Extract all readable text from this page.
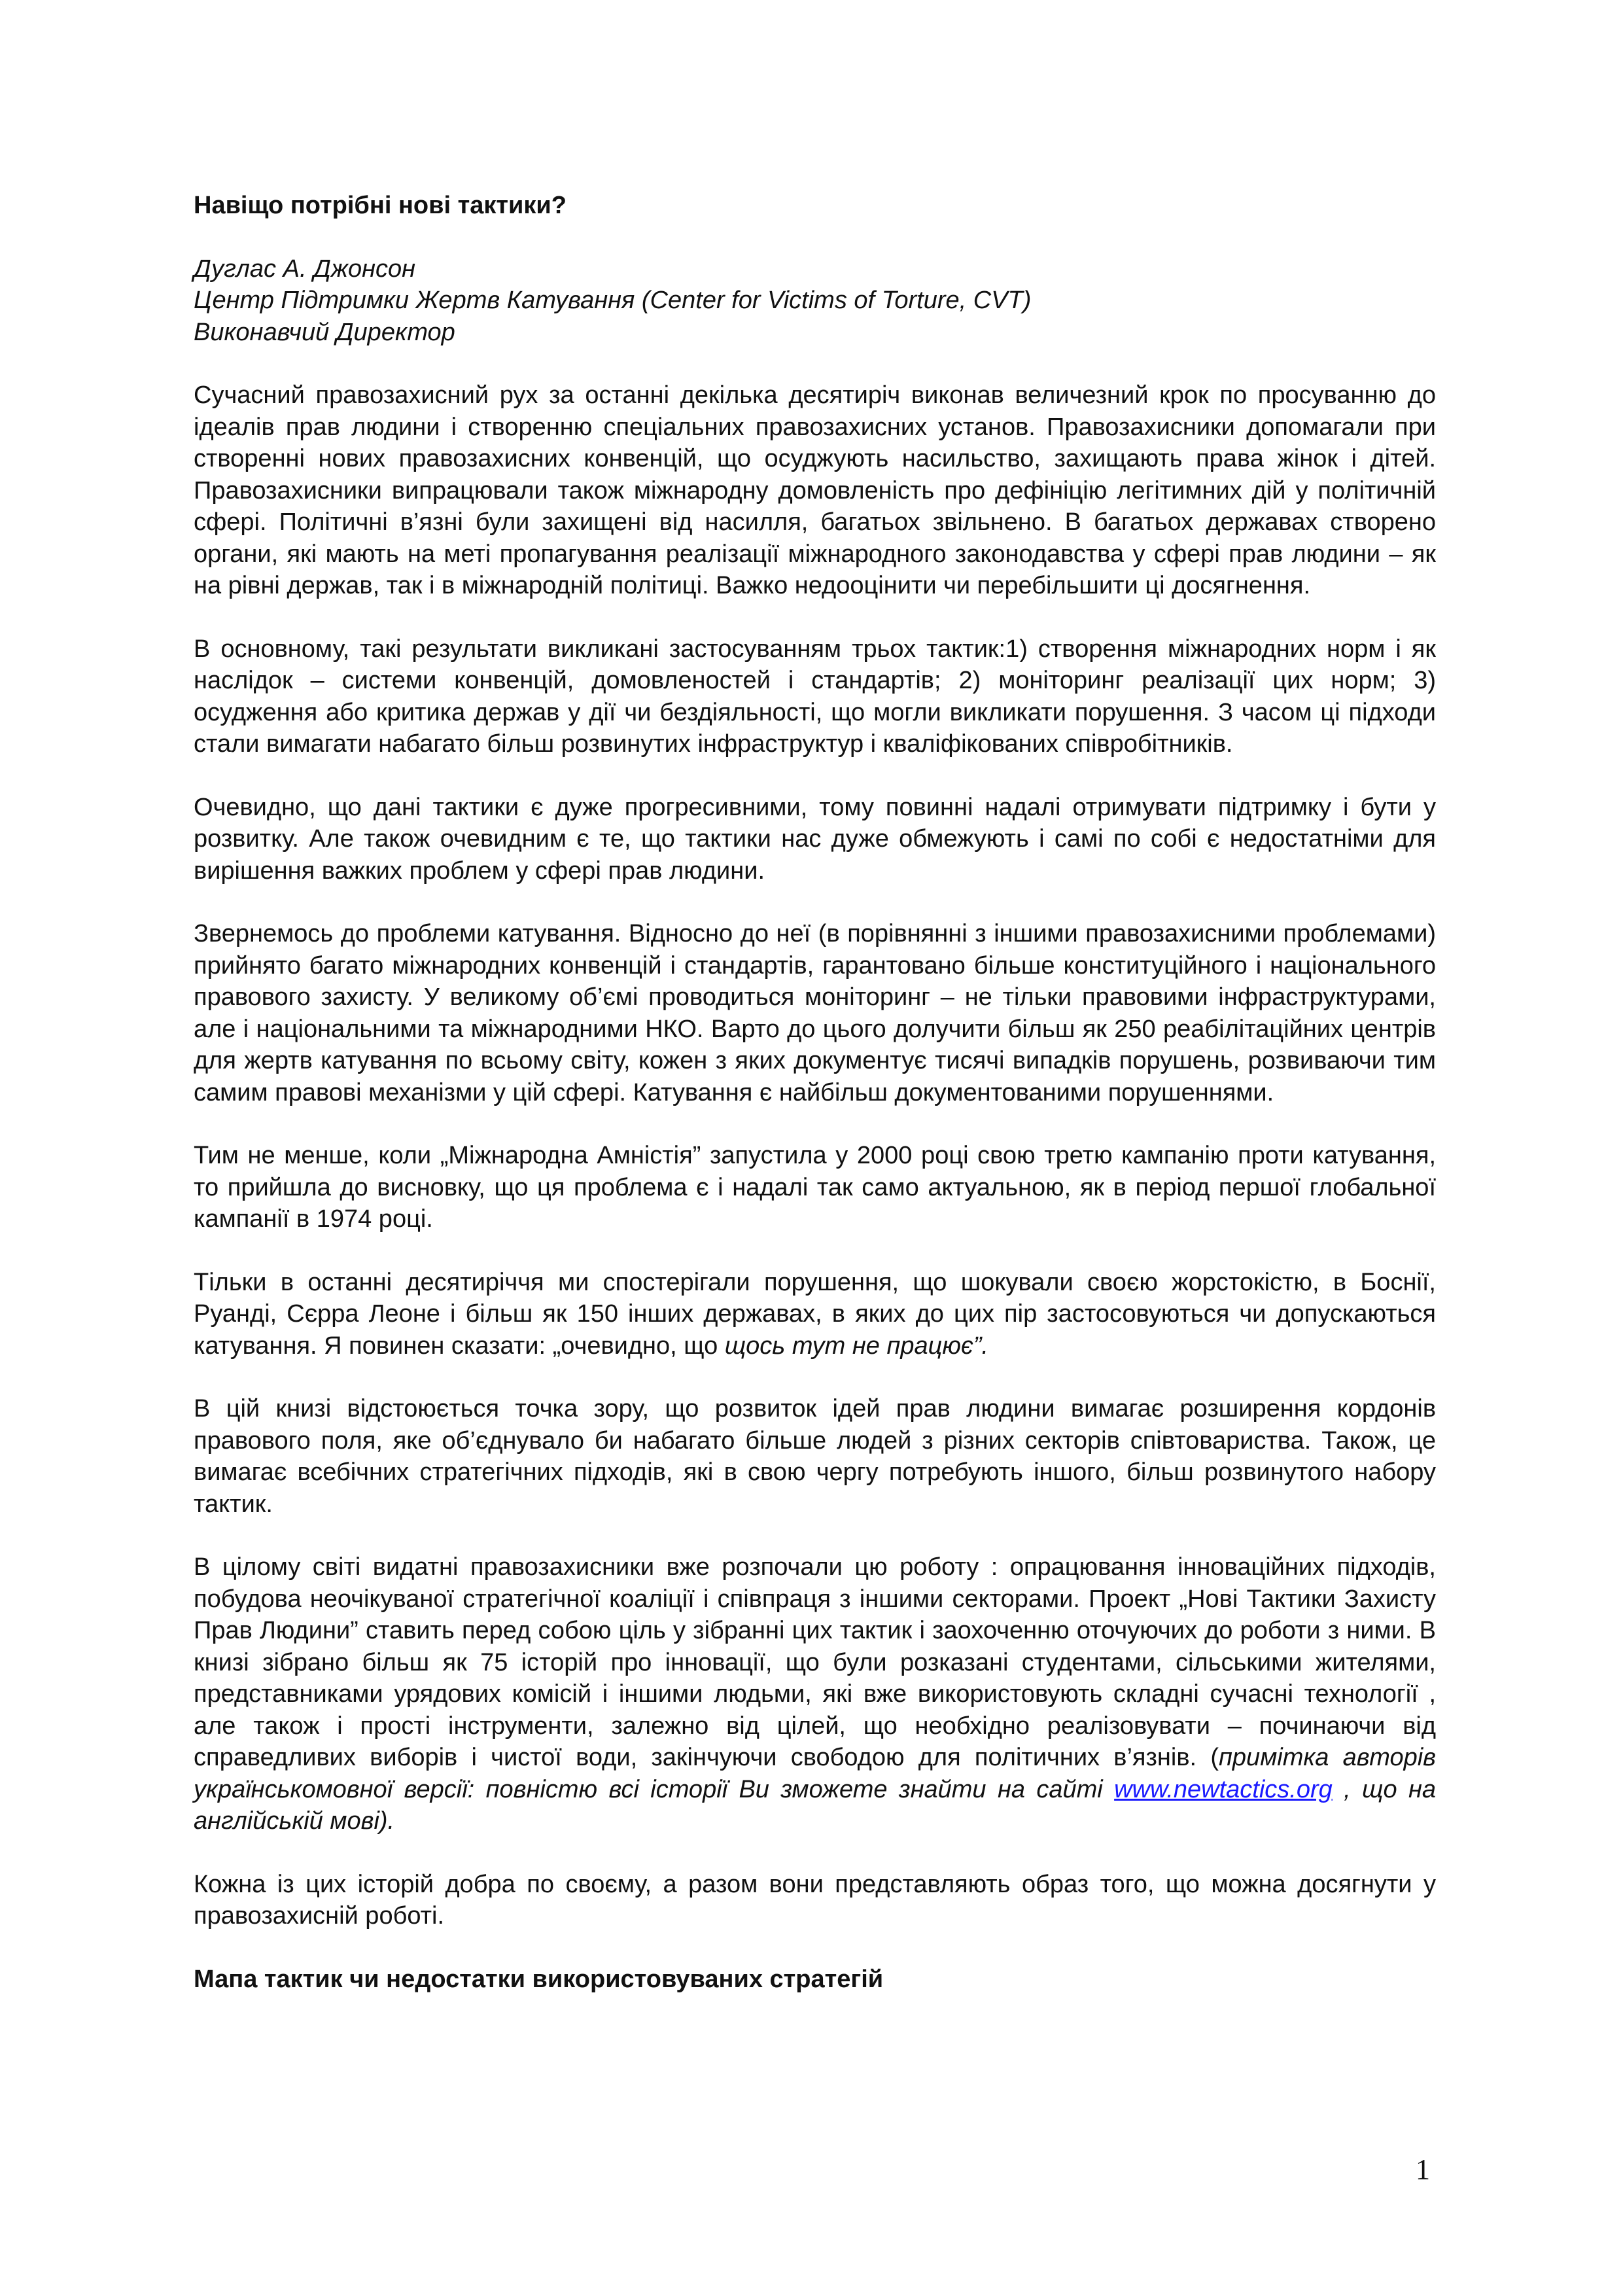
Навіщо потрібні нові тактики?
Дуглас А. Джонсон
Центр Підтримки Жертв Катування (Center for Victims of Torture, CVT)
Виконавчий Директор

Сучасний правозахисний рух за останні декілька десятиріч виконав величезний крок по просуванню до ідеалів прав людини і створенню спеціальних правозахисних установ. Правозахисники допомагали при створенні нових правозахисних конвенцій, що осуджують насильство, захищають права жінок і дітей. Правозахисники випрацювали також міжнародну домовленість про дефініцію легітимних дій у політичній сфері. Політичні в’язні були захищені від насилля, багатьох звільнено. В багатьох державах створено органи, які мають на меті пропагування реалізації міжнародного законодавства у сфері прав людини – як на рівні держав, так і в міжнародній політиці. Важко недооцінити чи перебільшити ці досягнення.

В основному, такі результати викликані застосуванням трьох тактик:1) створення міжнародних норм і як наслідок – системи конвенцій, домовленостей і стандартів; 2) моніторинг реалізації цих норм; 3) осудження або критика держав у дії чи бездіяльності, що могли викликати порушення. З часом ці підходи стали вимагати набагато більш розвинутих інфраструктур і кваліфікованих співробітників.

Очевидно, що дані тактики є дуже прогресивними, тому повинні надалі отримувати підтримку і бути у розвитку. Але також очевидним є те, що тактики нас дуже обмежують і самі по собі є недостатніми для вирішення важких проблем у сфері прав людини.

Звернемось до проблеми катування. Відносно до неї (в порівнянні з іншими правозахисними проблемами) прийнято багато міжнародних конвенцій і стандартів, гарантовано більше конституційного і національного правового захисту. У великому об’ємі проводиться моніторинг – не тільки правовими інфраструктурами, але і національними та міжнародними НКО. Варто до цього долучити більш як 250 реабілітаційних центрів для жертв катування по всьому світу, кожен з яких документує тисячі випадків порушень, розвиваючи тим самим правові механізми у цій сфері. Катування є найбільш документованими порушеннями.

Тим не менше, коли „Міжнародна Амністія” запустила у 2000 році свою третю кампанію проти катування, то прийшла до висновку, що ця проблема є і надалі так само актуальною, як в період першої глобальної кампанії в 1974 році.

Тільки в останні десятиріччя ми спостерігали порушення, що шокували своєю жорстокістю, в Боснії, Руанді, Сєрра Леоне і більш як 150 інших державах, в яких до цих пір застосовуються чи допускаються катування. Я повинен сказати: „очевидно, що щось тут не працює”.

В цій книзі відстоюється точка зору, що розвиток ідей прав людини вимагає розширення кордонів правового поля, яке об’єднувало би набагато більше людей з різних секторів співтовариства. Також, це вимагає всебічних стратегічних підходів, які в свою чергу потребують іншого, більш розвинутого набору тактик.

В цілому світі видатні правозахисники вже розпочали цю роботу : опрацювання інноваційних підходів, побудова неочікуваної стратегічної коаліції і співпраця з іншими секторами. Проект „Нові Тактики Захисту Прав Людини” ставить перед собою ціль у зібранні цих тактик і заохоченню оточуючих до роботи з ними. В книзі зібрано більш як 75 історій про інновації, що були розказані студентами, сільськими жителями, представниками урядових комісій і іншими людьми, які вже використовують складні сучасні технології , але також і прості інструменти, залежно від цілей, що необхідно реалізовувати – починаючи від справедливих виборів і чистої води, закінчуючи свободою для політичних в’язнів. (примітка авторів українськомовної версії: повністю всі історії Ви зможете знайти на сайті www.newtactics.org , що на англійській мові).

Кожна із цих історій добра по своєму, а разом вони представляють образ того, що можна досягнути у правозахисній роботі.

Мапа тактик чи недостатки використовуваних стратегій
1
